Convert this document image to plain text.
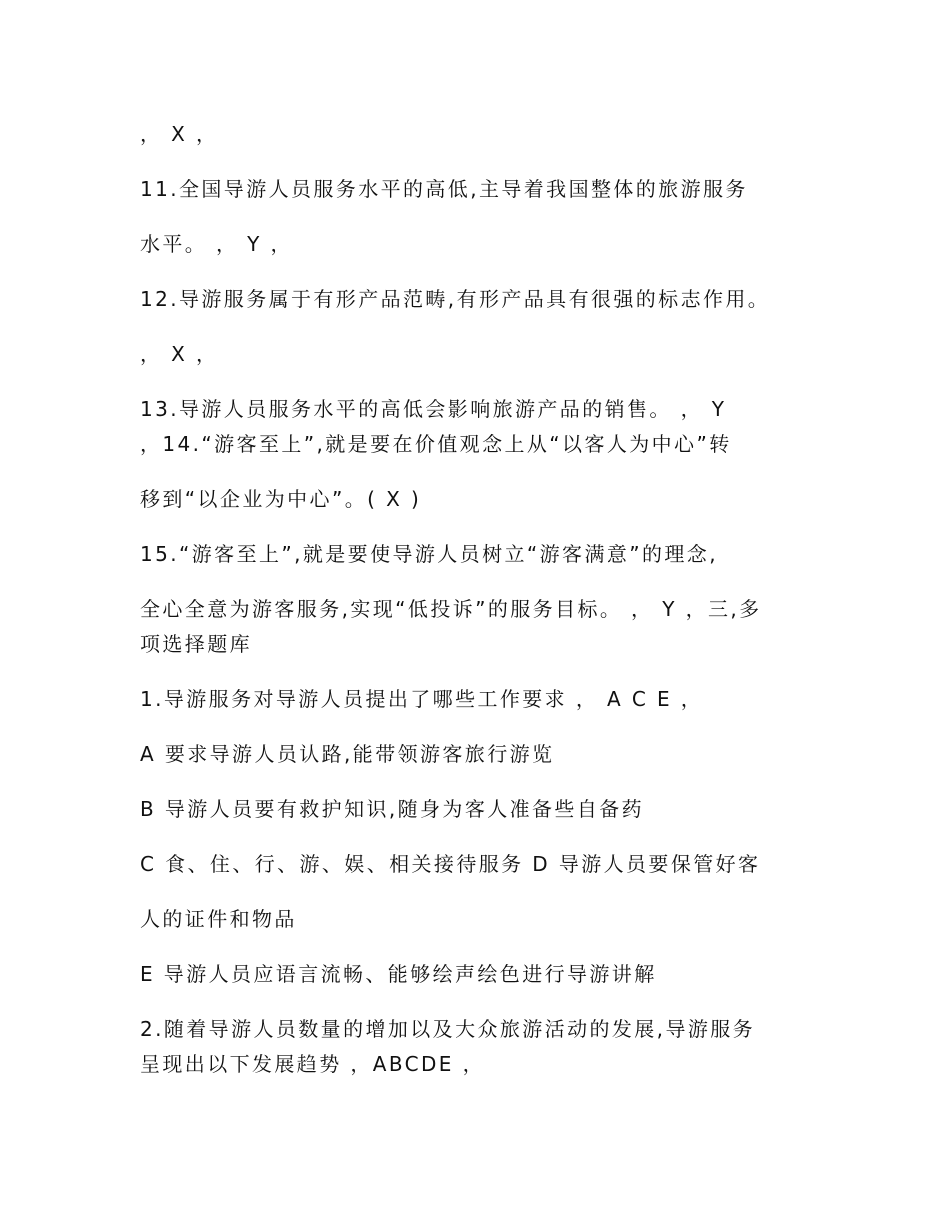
， X ，
11.全国导游人员服务水平的高低,主导着我国整体的旅游服务
水平。 ， Y ，
12.导游服务属于有形产品范畴,有形产品具有很强的标志作用。
， X ，
13.导游人员服务水平的高低会影响旅游产品的销售。 ， Y
，14.“游客至上”,就是要在价值观念上从“以客人为中心”转
移到“以企业为中心”。( X )
15.“游客至上”,就是要使导游人员树立“游客满意”的理念,
全心全意为游客服务,实现“低投诉”的服务目标。 ， Y ，三,多
项选择题库
1.导游服务对导游人员提出了哪些工作要求 ， A C E ，
A 要求导游人员认路,能带领游客旅行游览
B 导游人员要有救护知识,随身为客人准备些自备药
C 食、住、行、游、娱、相关接待服务 D 导游人员要保管好客
人的证件和物品
E 导游人员应语言流畅、能够绘声绘色进行导游讲解
2.随着导游人员数量的增加以及大众旅游活动的发展,导游服务
呈现出以下发展趋势 ，ABCDE ，
